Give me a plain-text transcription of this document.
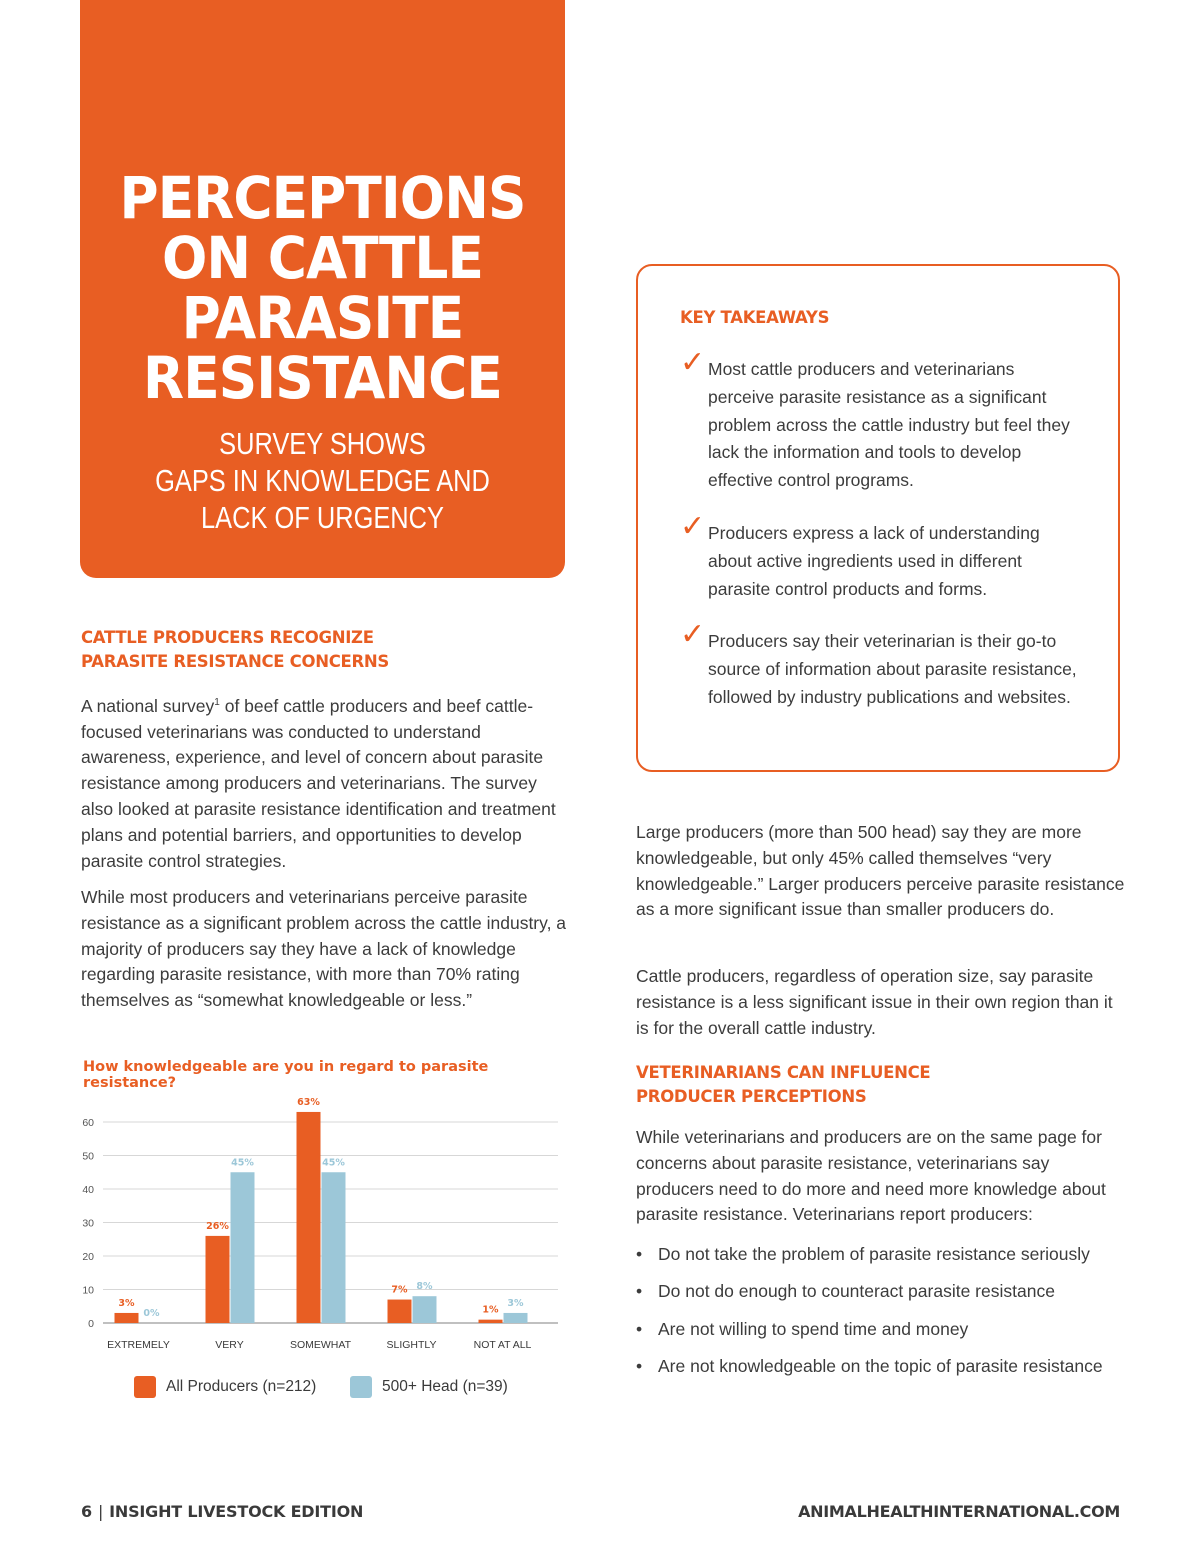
PERCEPTIONS
ON CATTLE
PARASITE
RESISTANCE
SURVEY SHOWS
GAPS IN KNOWLEDGE AND
LACK OF URGENCY
CATTLE PRODUCERS RECOGNIZE
PARASITE RESISTANCE CONCERNS

A national survey$^1$ of beef cattle producers and beef cattle-focused veterinarians was conducted to understand awareness, experience, and level of concern about parasite resistance among producers and veterinarians. The survey also looked at parasite resistance identification and treatment plans and potential barriers, and opportunities to develop parasite control strategies.

While most producers and veterinarians perceive parasite resistance as a significant problem across the cattle industry, a majority of producers say they have a lack of knowledge regarding parasite resistance, with more than 70% rating themselves as “somewhat knowledgeable or less.”

KEY TAKEAWAYS
✓ Most cattle producers and veterinarians perceive parasite resistance as a significant problem across the cattle industry but feel they lack the information and tools to develop effective control programs.
✓ Producers express a lack of understanding about active ingredients used in different parasite control products and forms.
✓ Producers say their veterinarian is their go-to source of information about parasite resistance, followed by industry publications and websites.

Large producers (more than 500 head) say they are more knowledgeable, but only 45% called themselves “very knowledgeable.” Larger producers perceive parasite resistance as a more significant issue than smaller producers do.

Cattle producers, regardless of operation size, say parasite resistance is a less significant issue in their own region than it is for the overall cattle industry.

VETERINARIANS CAN INFLUENCE
PRODUCER PERCEPTIONS

While veterinarians and producers are on the same page for concerns about parasite resistance, veterinarians say producers need to do more and need more knowledge about parasite resistance. Veterinarians report producers:

• Do not take the problem of parasite resistance seriously
• Do not do enough to counteract parasite resistance
• Are not willing to spend time and money
• Are not knowledgeable on the topic of parasite resistance
How knowledgeable are you in regard to parasite resistance?
0
10
20
30
40
50
60
3%
0%
EXTREMELY
26%
45%
VERY
63%
45%
SOMEWHAT
7% 8%
SLIGHTLY
1%
3%
NOT AT ALL
All Producers (n=212)	500+ Head (n=39)
6 | INSIGHT LIVESTOCK EDITION	ANIMALHEALTHINTERNATIONAL.COM
